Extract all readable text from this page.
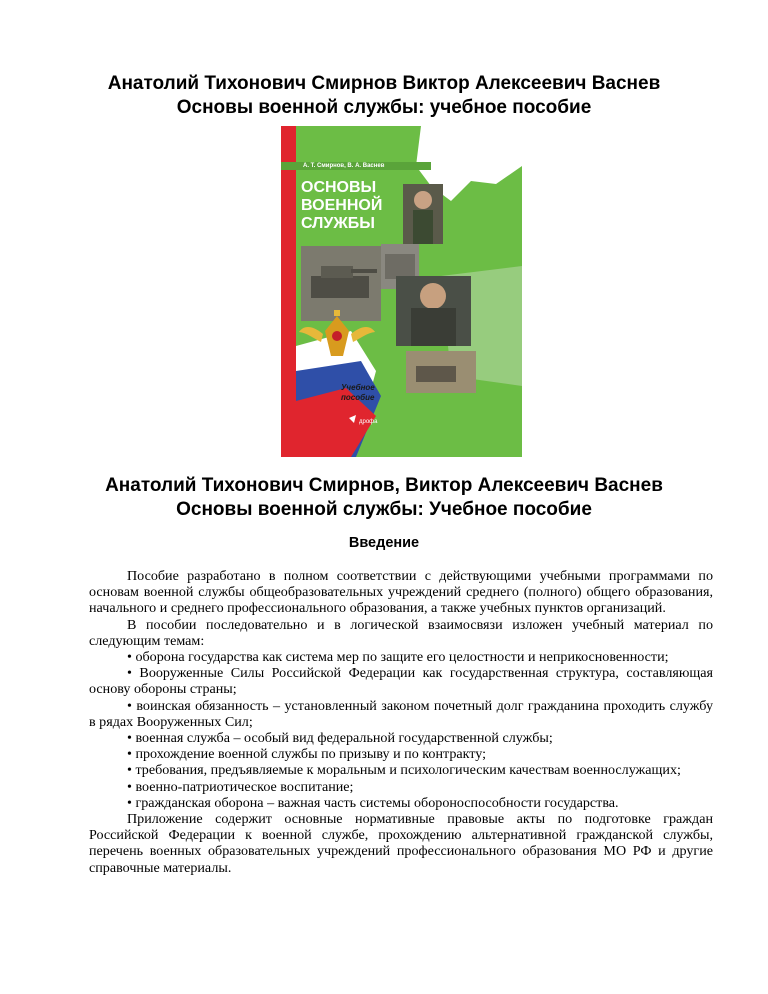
Анатолий Тихонович Смирнов Виктор Алексеевич Васнев
Основы военной службы: учебное пособие
А. Т. Смирнов, В. А. Васнев
ОСНОВЫ
ВОЕННОЙ
СЛУЖБЫ
Учебное
пособие
дрофа
Анатолий Тихонович Смирнов, Виктор Алексеевич Васнев
Основы военной службы: Учебное пособие
Введение

Пособие разработано в полном соответствии с действующими учебными программами по основам военной службы общеобразовательных учреждений среднего (полного) общего образования, начального и среднего профессионального образования, а также учебных пунктов организаций.

В пособии последовательно и в логической взаимосвязи изложен учебный материал по следующим темам:

• оборона государства как система мер по защите его целостности и неприкосновенности;

• Вооруженные Силы Российской Федерации как государственная структура, составляющая основу обороны страны;

• воинская обязанность – установленный законом почетный долг гражданина проходить службу в рядах Вооруженных Сил;

• военная служба – особый вид федеральной государственной службы;

• прохождение военной службы по призыву и по контракту;

• требования, предъявляемые к моральным и психологическим качествам военнослужащих;

• военно-патриотическое воспитание;

• гражданская оборона – важная часть системы обороноспособности государства.

Приложение содержит основные нормативные правовые акты по подготовке граждан Российской Федерации к военной службе, прохождению альтернативной гражданской службы, перечень военных образовательных учреждений профессионального образования МО РФ и другие справочные материалы.
